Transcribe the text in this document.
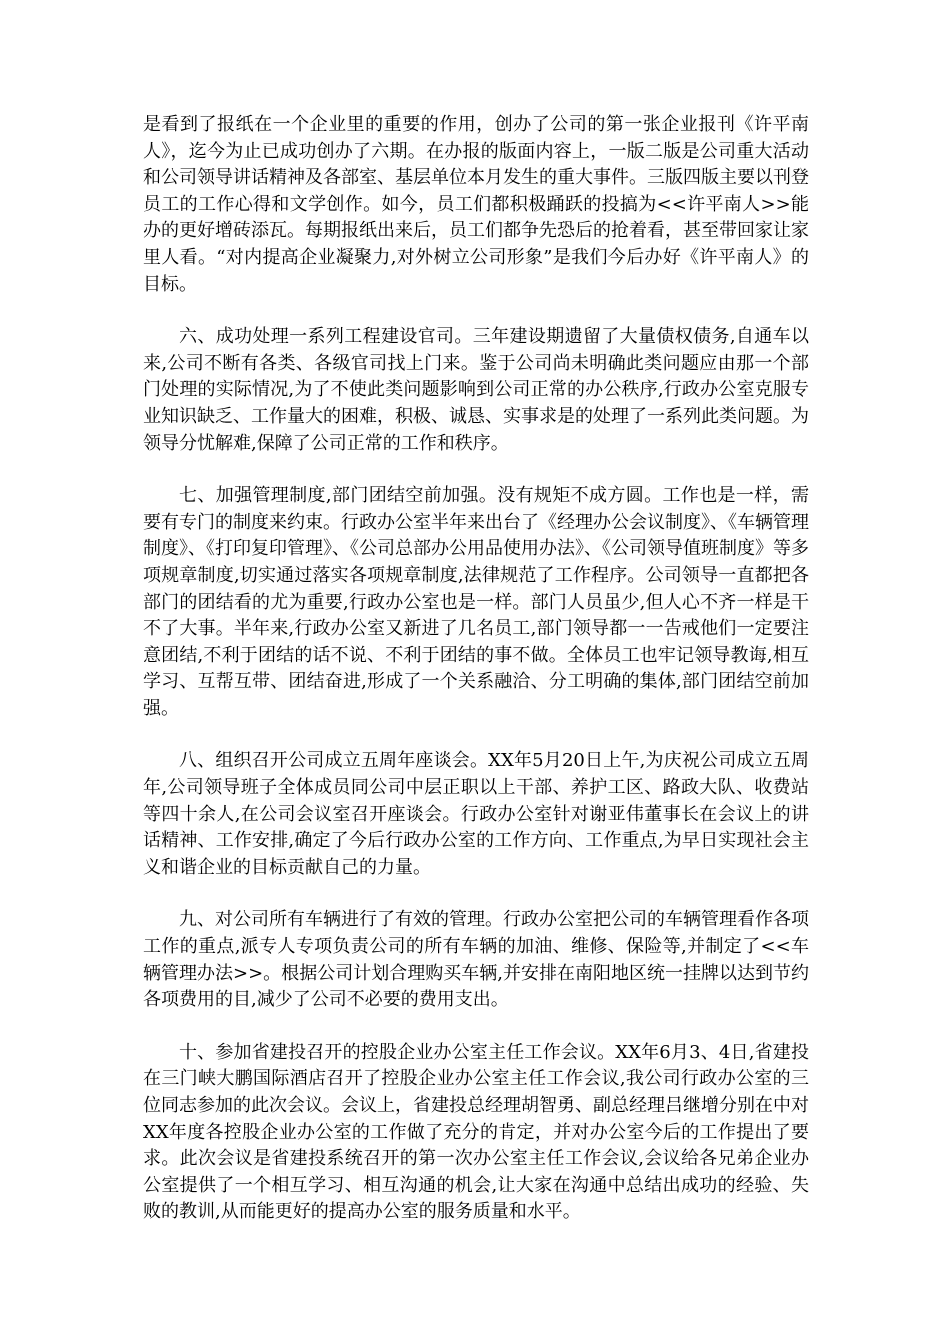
是看到了报纸在一个企业里的重要的作用，创办了公司的第一张企业报刊《许平南人》，迄今为止已成功创办了六期。在办报的版面内容上，一版二版是公司重大活动和公司领导讲话精神及各部室、基层单位本月发生的重大事件。三版四版主要以刊登员工的工作心得和文学创作。如今，员工们都积极踊跃的投搞为<<许平南人>>能办的更好增砖添瓦。每期报纸出来后，员工们都争先恐后的抢着看，甚至带回家让家里人看。“对内提高企业凝聚力,对外树立公司形象”是我们今后办好《许平南人》的目标。

六、成功处理一系列工程建设官司。三年建设期遗留了大量债权债务,自通车以来,公司不断有各类、各级官司找上门来。鉴于公司尚未明确此类问题应由那一个部门处理的实际情况,为了不使此类问题影响到公司正常的办公秩序,行政办公室克服专业知识缺乏、工作量大的困难，积极、诚恳、实事求是的处理了一系列此类问题。为领导分忧解难,保障了公司正常的工作和秩序。

七、加强管理制度,部门团结空前加强。没有规矩不成方圆。工作也是一样，需要有专门的制度来约束。行政办公室半年来出台了《经理办公会议制度》、《车辆管理制度》、《打印复印管理》、《公司总部办公用品使用办法》、《公司领导值班制度》等多项规章制度,切实通过落实各项规章制度,法律规范了工作程序。公司领导一直都把各部门的团结看的尤为重要,行政办公室也是一样。部门人员虽少,但人心不齐一样是干不了大事。半年来,行政办公室又新进了几名员工,部门领导都一一告戒他们一定要注意团结,不利于团结的话不说、不利于团结的事不做。全体员工也牢记领导教诲,相互学习、互帮互带、团结奋进,形成了一个关系融洽、分工明确的集体,部门团结空前加强。

八、组织召开公司成立五周年座谈会。XX年5月20日上午,为庆祝公司成立五周年,公司领导班子全体成员同公司中层正职以上干部、养护工区、路政大队、收费站等四十余人,在公司会议室召开座谈会。行政办公室针对谢亚伟董事长在会议上的讲话精神、工作安排,确定了今后行政办公室的工作方向、工作重点,为早日实现社会主义和谐企业的目标贡献自己的力量。

九、对公司所有车辆进行了有效的管理。行政办公室把公司的车辆管理看作各项工作的重点,派专人专项负责公司的所有车辆的加油、维修、保险等,并制定了<<车辆管理办法>>。根据公司计划合理购买车辆,并安排在南阳地区统一挂牌以达到节约各项费用的目,减少了公司不必要的费用支出。

十、参加省建投召开的控股企业办公室主任工作会议。XX年6月3、4日,省建投在三门峡大鹏国际酒店召开了控股企业办公室主任工作会议,我公司行政办公室的三位同志参加的此次会议。会议上，省建投总经理胡智勇、副总经理吕继增分别在中对XX年度各控股企业办公室的工作做了充分的肯定，并对办公室今后的工作提出了要求。此次会议是省建投系统召开的第一次办公室主任工作会议,会议给各兄弟企业办公室提供了一个相互学习、相互沟通的机会,让大家在沟通中总结出成功的经验、失败的教训,从而能更好的提高办公室的服务质量和水平。
